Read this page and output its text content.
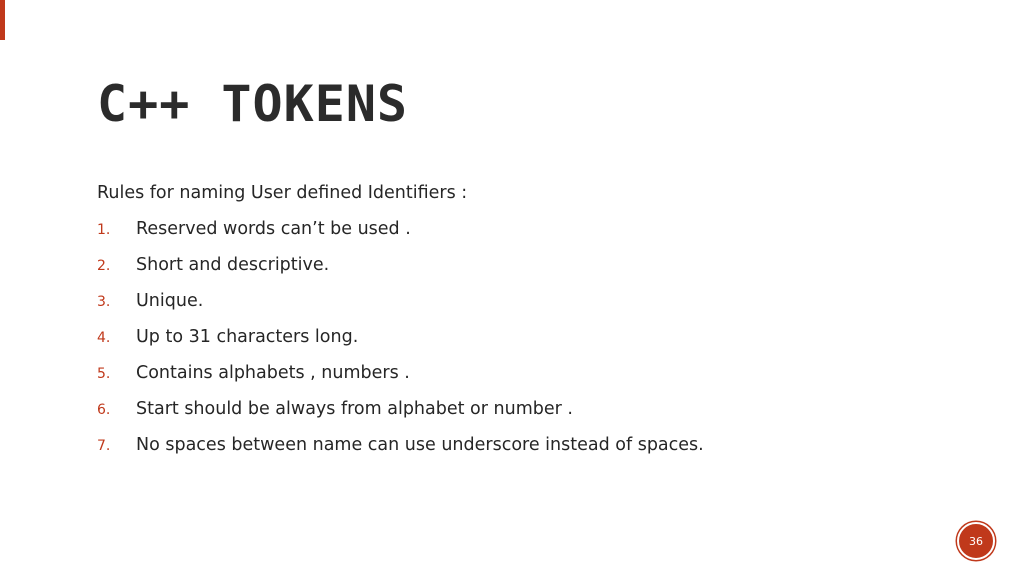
C++ TOKENS

Rules for naming User defined Identifiers :

1. Reserved words can’t be used .
2. Short and descriptive.
3. Unique.
4. Up to 31 characters long.
5. Contains alphabets , numbers .
6. Start should be always from alphabet or number .
7. No spaces between name can use underscore instead of spaces.
36
